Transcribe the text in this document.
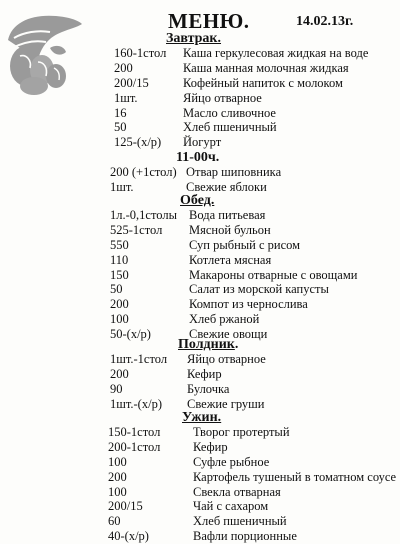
МЕНЮ.	14.02.13г.
Завтрак.
160-1стол Каша геркулесовая жидкая на воде
200	Каша манная молочная жидкая
200/15	Кофейный напиток с молоком
1шт.	Яйцо отварное
16	Масло сливочное
50	Хлеб пшеничный
125-(х/р) Йогурт
11-00ч.
200 (+1стол) Отвар шиповника
1шт.	Свежие яблоки
Обед.
1л.-0,1столы Вода питьевая
525-1стол Мясной бульон
550	Суп рыбный с рисом
110	Котлета мясная
150	Макароны отварные с овощами
50	Салат из морской капусты
200	Компот из чернослива
100	Хлеб ржаной
50-(х/р)	Свежие овощи
Полдник.
1шт.-1стол Яйцо отварное
200	Кефир
90	Булочка
1шт.-(х/р) Свежие груши
Ужин.
150-1стол	Творог протертый
200-1стол	Кефир
100	Суфле рыбное
200	Картофель тушеный в томатном соусе
100	Свекла отварная
200/15	Чай с сахаром
60	Хлеб пшеничный
40-(х/р)	Вафли порционные
